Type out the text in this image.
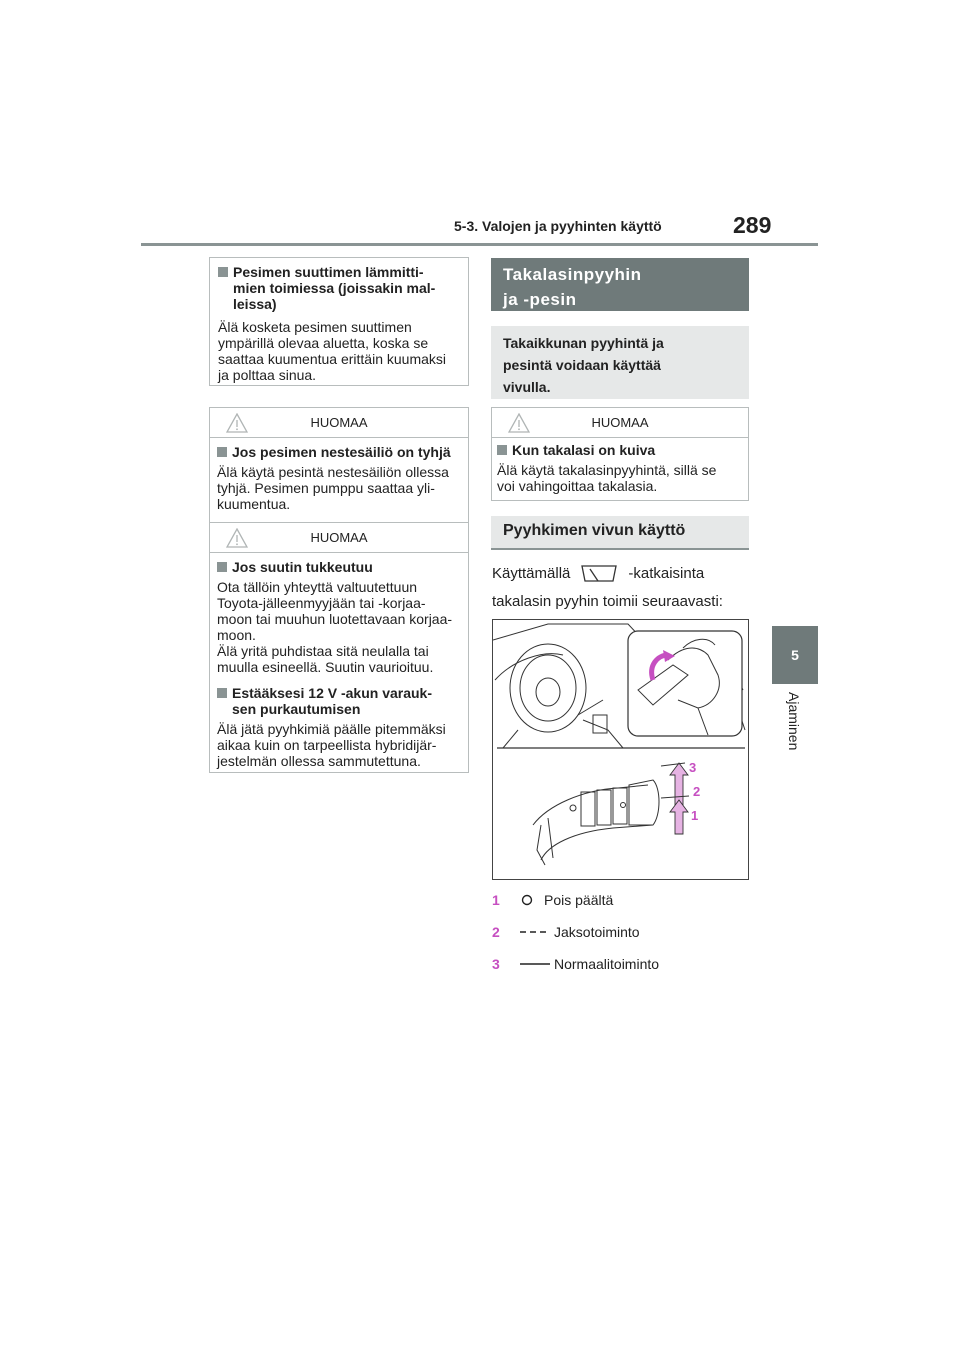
5-3. Valojen ja pyyhinten käyttö	289
5
Ajaminen

Pesimen suuttimen lämmitti-
mien toimiessa (joissakin mal-
leissa)

Älä kosketa pesimen suuttimen
ympärillä olevaa aluetta, koska se
saattaa kuumentua erittäin kuumaksi
ja polttaa sinua.

HUOMAA

Jos pesimen nestesäiliö on tyhjä

Älä käytä pesintä nestesäiliön ollessa
tyhjä. Pesimen pumppu saattaa yli-
kuumentua.

HUOMAA

Jos suutin tukkeutuu

Ota tällöin yhteyttä valtuutettuun
Toyota-jälleenmyyjään tai -korjaa-
moon tai muuhun luotettavaan korjaa-
moon.
Älä yritä puhdistaa sitä neulalla tai
muulla esineellä. Suutin vaurioituu.

Estääksesi 12 V -akun varauk-
sen purkautumisen

Älä jätä pyyhkimiä päälle pitemmäksi
aikaa kuin on tarpeellista hybridijär-
jestelmän ollessa sammutettuna.

Takalasinpyyhin
ja -pesin
Takaikkunan pyyhintä ja
pesintä voidaan käyttää
vivulla.
HUOMAA

Kun takalasi on kuiva

Älä käytä takalasinpyyhintä, sillä se
voi vahingoittaa takalasia.

Pyyhkimen vivun käyttö
Käyttämällä	-katkaisinta
takalasin pyyhin toimii seuraavasti:
3
2
1
1	Pois päältä
2	Jaksotoiminto
3	Normaalitoiminto
